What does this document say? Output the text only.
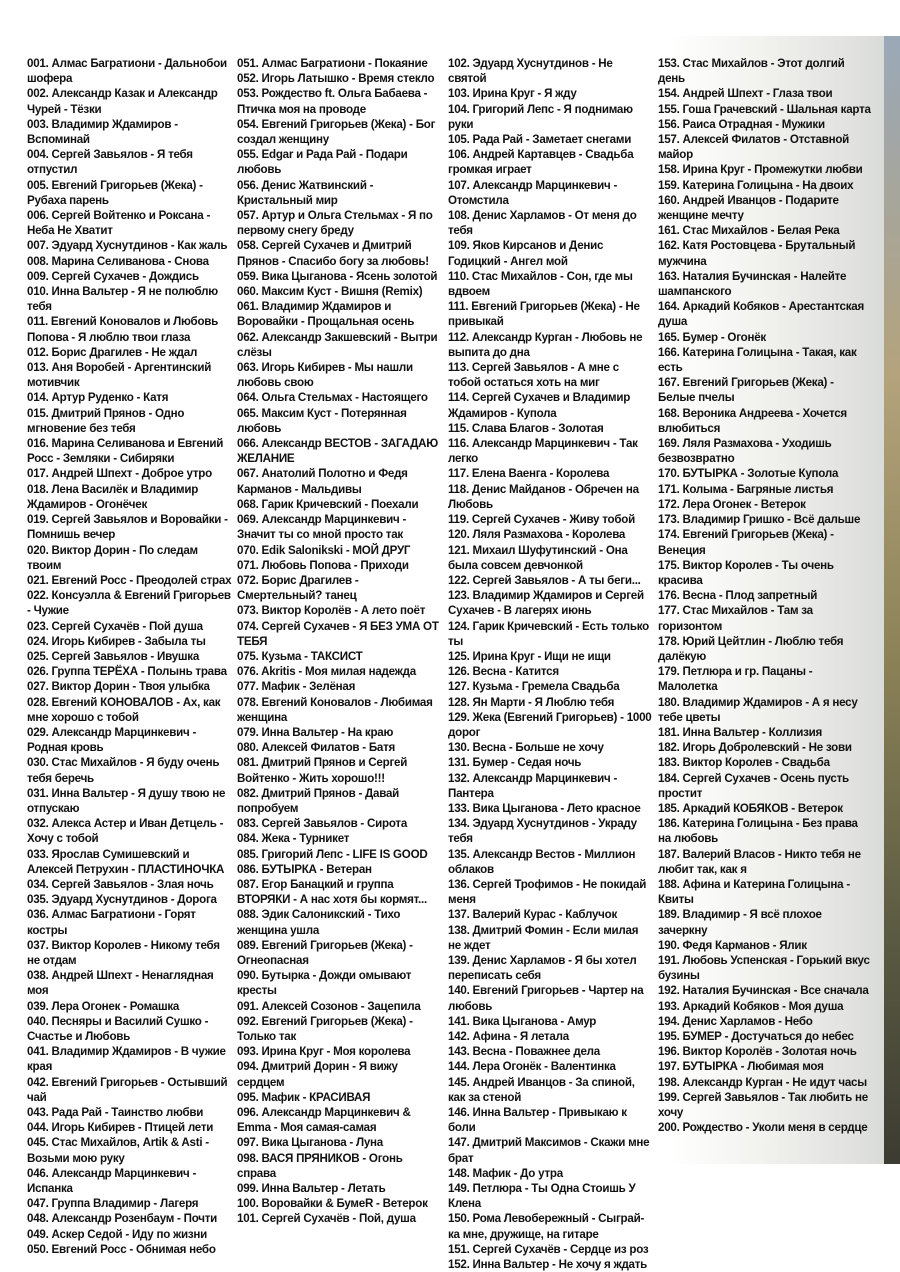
001. Алмас Багратиони - Дальнобои шофера

002. Александр Казак и Александр Чурей - Тёзки

003. Владимир Ждамиров - Вспоминай

004. Сергей Завьялов - Я тебя отпустил

005. Евгений Григорьев (Жека) - Рубаха парень

006. Сергей Войтенко и Роксана - Неба Не Хватит

007. Эдуард Хуснутдинов - Как жаль

008. Марина Селиванова - Снова

009. Сергей Сухачев - Дождись

010. Инна Вальтер - Я не полюблю тебя

011. Евгений Коновалов и Любовь Попова - Я люблю твои глаза

012. Борис Драгилев - Не ждал

013. Аня Воробей - Аргентинский мотивчик

014. Артур Руденко - Катя

015. Дмитрий Прянов - Одно мгновение без тебя

016. Марина Селиванова и Евгений Росс - Земляки - Сибиряки

017. Андрей Шпехт - Доброе утро

018. Лена Василёк и Владимир Ждамиров - Огонёчек

019. Сергей Завьялов и Воровайки - Помнишь вечер

020. Виктор Дорин - По следам твоим

021. Евгений Росс - Преодолей страх

022. Консуэлла & Евгений Григорьев - Чужие

023. Сергей Сухачёв - Пой душа

024. Игорь Кибирев - Забыла ты

025. Сергей Завьялов - Ивушка

026. Группа ТЕРЁХА - Полынь трава

027. Виктор Дорин - Твоя улыбка

028. Евгений КОНОВАЛОВ - Ах, как мне хорошо с тобой

029. Александр Марцинкевич - Родная кровь

030. Стас Михайлов - Я буду очень тебя беречь

031. Инна Вальтер - Я душу твою не отпускаю

032. Алекса Астер и Иван Детцель - Хочу с тобой

033. Ярослав Сумишевский и Алексей Петрухин - ПЛАСТИНОЧКА

034. Сергей Завьялов - Злая ночь

035. Эдуард Хуснутдинов - Дорога

036. Алмас Багратиони - Горят костры

037. Виктор Королев - Никому тебя не отдам

038. Андрей Шпехт - Ненаглядная моя

039. Лера Огонек - Ромашка

040. Песняры и Василий Сушко - Счастье и Любовь

041. Владимир Ждамиров - В чужие края

042. Евгений Григорьев - Остывший чай

043. Рада Рай - Таинство любви

044. Игорь Кибирев - Птицей лети

045. Стас Михайлов, Artik & Asti - Возьми мою руку

046. Александр Марцинкевич - Испанка

047. Группа Владимир - Лагеря

048. Александр Розенбаум - Почти

049. Аскер Седой - Иду по жизни

050. Евгений Росс - Обнимая небо

051. Алмас Багратиони - Покаяние

052. Игорь Латышко - Время стекло

053. Рождество ft. Ольга Бабаева - Птичка моя на проводе

054. Евгений Григорьев (Жека) - Бог создал женщину

055. Edgar и Рада Рай - Подари любовь

056. Денис Жатвинский - Кристальный мир

057. Артур и Ольга Стельмах - Я по первому снегу бреду

058. Сергей Сухачев и Дмитрий Прянов - Спасибо богу за любовь!

059. Вика Цыганова - Ясень золотой

060. Максим Куст - Вишня (Remix)

061. Владимир Ждамиров и Воровайки - Прощальная осень

062. Александр Закшевский - Вытри слёзы

063. Игорь Кибирев - Мы нашли любовь свою

064. Ольга Стельмах - Настоящего

065. Максим Куст - Потерянная любовь

066. Александр ВЕСТОВ - ЗАГАДАЮ ЖЕЛАНИЕ

067. Анатолий Полотно и Федя Карманов - Мальдивы

068. Гарик Кричевский - Поехали

069. Александр Марцинкевич - Значит ты со мной просто так

070. Edik Salonikski - МОЙ ДРУГ

071. Любовь Попова - Приходи

072. Борис Драгилев - Смертельный? танец

073. Виктор Королёв - А лето поёт

074. Сергей Сухачев - Я БЕЗ УМА ОТ ТЕБЯ

075. Кузьма - ТАКСИСТ

076. Akritis - Моя милая надежда

077. Мафик - Зелёная

078. Евгений Коновалов - Любимая женщина

079. Инна Вальтер - На краю

080. Алексей Филатов - Батя

081. Дмитрий Прянов и Сергей Войтенко - Жить хорошо!!!

082. Дмитрий Прянов - Давай попробуем

083. Сергей Завьялов - Сирота

084. Жека - Турникет

085. Григорий Лепс - LIFE IS GOOD

086. БУТЫРКА - Ветеран

087. Егор Банацкий и группа ВТОРЯКИ - А нас хотя бы кормят...

088. Эдик Салоникский - Тихо женщина ушла

089. Евгений Григорьев (Жека) - Огнеопасная

090. Бутырка - Дожди омывают кресты

091. Алексей Созонов - Зацепила

092. Евгений Григорьев (Жека) - Только так

093. Ирина Круг - Моя королева

094. Дмитрий Дорин - Я вижу сердцем

095. Мафик - КРАСИВАЯ

096. Александр Марцинкевич & Emma - Моя самая-самая

097. Вика Цыганова - Луна

098. ВАСЯ ПРЯНИКОВ - Огонь справа

099. Инна Вальтер - Летать

100. Воровайки & БумеR - Ветерок

101. Сергей Сухачёв - Пой, душа

102. Эдуард Хуснутдинов - Не святой

103. Ирина Круг - Я жду

104. Григорий Лепс - Я поднимаю руки

105. Рада Рай - Заметает снегами

106. Андрей Картавцев - Свадьба громкая играет

107. Александр Марцинкевич - Отомстила

108. Денис Харламов - От меня до тебя

109. Яков Кирсанов и Денис Годицкий - Ангел мой

110. Стас Михайлов - Сон, где мы вдвоем

111. Евгений Григорьев (Жека) - Не привыкай

112. Александр Курган - Любовь не выпита до дна

113. Сергей Завьялов - А мне с тобой остаться хоть на миг

114. Сергей Сухачев и Владимир Ждамиров - Купола

115. Слава Благов - Золотая

116. Александр Марцинкевич - Так легко

117. Елена Ваенга - Королева

118. Денис Майданов - Обречен на Любовь

119. Сергей Сухачев - Живу тобой

120. Ляля Размахова - Королева

121. Михаил Шуфутинский - Она была совсем девчонкой

122. Сергей Завьялов - А ты беги...

123. Владимир Ждамиров и Сергей Сухачев - В лагерях июнь

124. Гарик Кричевский - Есть только ты

125. Ирина Круг - Ищи не ищи

126. Весна - Катится

127. Кузьма - Гремела Свадьба

128. Ян Марти - Я Люблю тебя

129. Жека (Евгений Григорьев) - 1000 дорог

130. Весна - Больше не хочу

131. Бумер - Седая ночь

132. Александр Марцинкевич - Пантера

133. Вика Цыганова - Лето красное

134. Эдуард Хуснутдинов - Украду тебя

135. Александр Вестов - Миллион облаков

136. Сергей Трофимов - Не покидай меня

137. Валерий Курас - Каблучок

138. Дмитрий Фомин - Если милая не ждет

139. Денис Харламов - Я бы хотел переписать себя

140. Евгений Григорьев - Чартер на любовь

141. Вика Цыганова - Амур

142. Афина - Я летала

143. Весна - Поважнее дела

144. Лера Огонёк - Валентинка

145. Андрей Иванцов - За спиной, как за стеной

146. Инна Вальтер - Привыкаю к боли

147. Дмитрий Максимов - Скажи мне брат

148. Мафик - До утра

149. Петлюра - Ты Одна Стоишь У Клена

150. Рома Левобережный - Сыграй-ка мне, дружище, на гитаре

151. Сергей Сухачёв - Сердце из роз

152. Инна Вальтер - Не хочу я ждать

153. Стас Михайлов - Этот долгий день

154. Андрей Шпехт - Глаза твои

155. Гоша Грачевский - Шальная карта

156. Раиса Отрадная - Мужики

157. Алексей Филатов - Отставной майор

158. Ирина Круг - Промежутки любви

159. Катерина Голицына - На двоих

160. Андрей Иванцов - Подарите женщине мечту

161. Стас Михайлов - Белая Река

162. Катя Ростовцева - Брутальный мужчина

163. Наталия Бучинская - Налейте шампанского

164. Аркадий Кобяков - Арестантская душа

165. Бумер - Огонёк

166. Катерина Голицына - Такая, как есть

167. Евгений Григорьев (Жека) - Белые пчелы

168. Вероника Андреева - Хочется влюбиться

169. Ляля Размахова - Уходишь безвозвратно

170. БУТЫРКА - Золотые Купола

171. Колыма - Багряные листья

172. Лера Огонек - Ветерок

173. Владимир Гришко - Всё дальше

174. Евгений Григорьев (Жека) - Венеция

175. Виктор Королев - Ты очень красива

176. Весна - Плод запретный

177. Стас Михайлов - Там за горизонтом

178. Юрий Цейтлин - Люблю тебя далёкую

179. Петлюра и гр. Пацаны - Малолетка

180. Владимир Ждамиров - А я несу тебе цветы

181. Инна Вальтер - Коллизия

182. Игорь Добролевский - Не зови

183. Виктор Королев - Свадьба

184. Сергей Сухачев - Осень пусть простит

185. Аркадий КОБЯКОВ - Ветерок

186. Катерина Голицына - Без права на любовь

187. Валерий Власов - Никто тебя не любит так, как я

188. Афина и Катерина Голицына - Квиты

189. Владимир - Я всё плохое зачеркну

190. Федя Карманов - Ялик

191. Любовь Успенская - Горький вкус бузины

192. Наталия Бучинская - Все сначала

193. Аркадий Кобяков - Моя душа

194. Денис Харламов - Небо

195. БУМЕР - Достучаться до небес

196. Виктор Королёв - Золотая ночь

197. БУТЫРКА - Любимая моя

198. Александр Курган - Не идут часы

199. Сергей Завьялов - Так любить не хочу

200. Рождество - Уколи меня в сердце
